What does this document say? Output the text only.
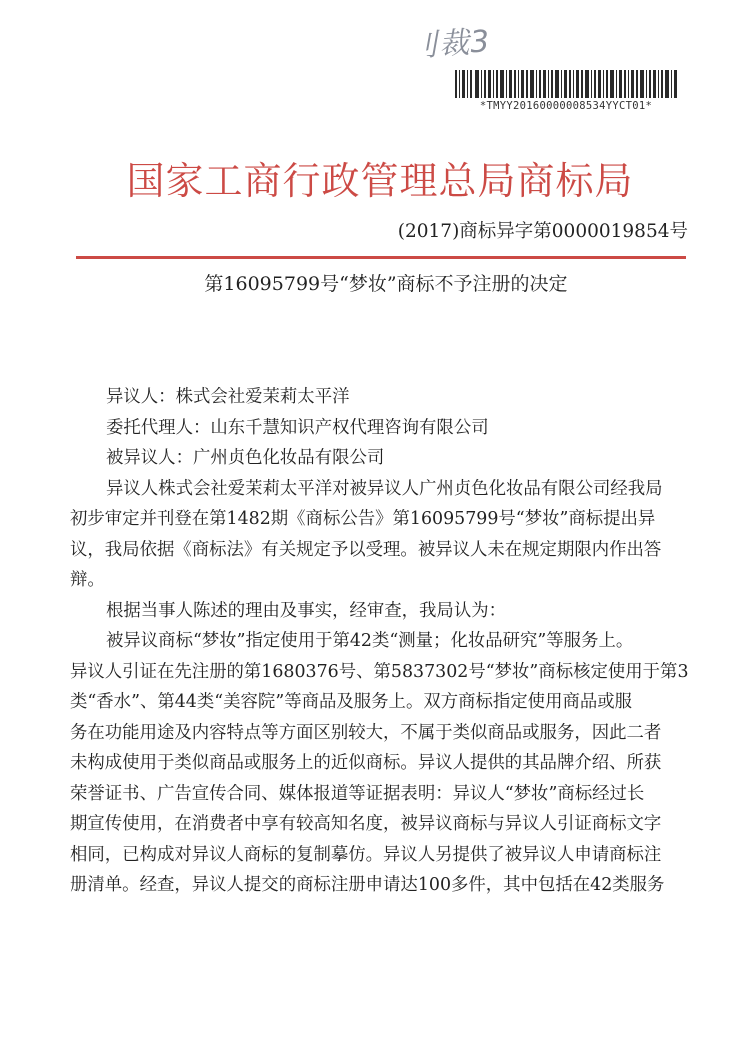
刂裁3
*TMYY20160000008534YYCT01*
国家工商行政管理总局商标局
(2017)商标异字第0000019854号
第16095799号“梦妆”商标不予注册的决定
异议人：株式会社爱茉莉太平洋
委托代理人：山东千慧知识产权代理咨询有限公司
被异议人：广州贞色化妆品有限公司
异议人株式会社爱茉莉太平洋对被异议人广州贞色化妆品有限公司经我局
初步审定并刊登在第1482期《商标公告》第16095799号“梦妆”商标提出异
议，我局依据《商标法》有关规定予以受理。被异议人未在规定期限内作出答
辩。
根据当事人陈述的理由及事实，经审查，我局认为：
被异议商标“梦妆”指定使用于第42类“测量；化妆品研究”等服务上。
异议人引证在先注册的第1680376号、第5837302号“梦妆”商标核定使用于第3
类“香水”、第44类“美容院”等商品及服务上。双方商标指定使用商品或服
务在功能用途及内容特点等方面区别较大，不属于类似商品或服务，因此二者
未构成使用于类似商品或服务上的近似商标。异议人提供的其品牌介绍、所获
荣誉证书、广告宣传合同、媒体报道等证据表明：异议人“梦妆”商标经过长
期宣传使用，在消费者中享有较高知名度，被异议商标与异议人引证商标文字
相同，已构成对异议人商标的复制摹仿。异议人另提供了被异议人申请商标注
册清单。经查，异议人提交的商标注册申请达100多件，其中包括在42类服务
